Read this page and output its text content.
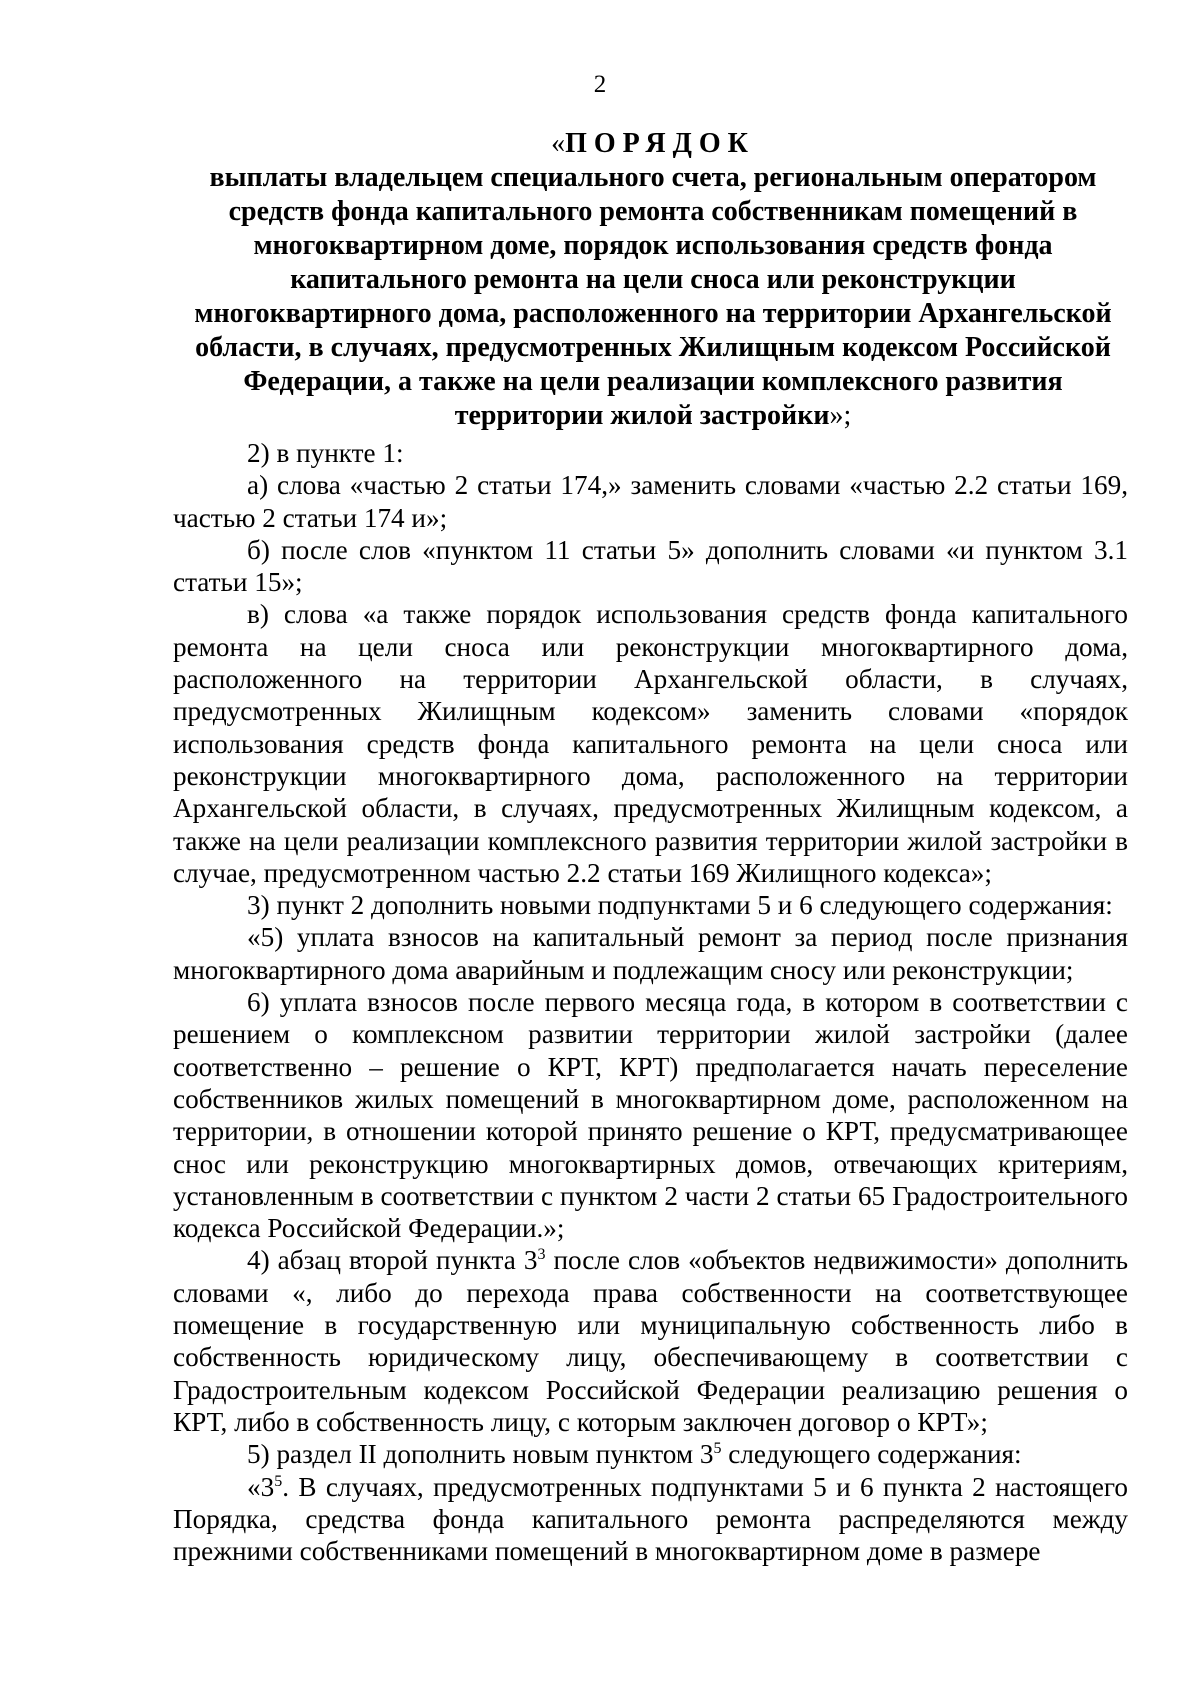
2
«ПОРЯДОК
выплаты владельцем специального счета, региональным оператором средств фонда капитального ремонта собственникам помещений в многоквартирном доме, порядок использования средств фонда капитального ремонта на цели сноса или реконструкции многоквартирного дома, расположенного на территории Архангельской области, в случаях, предусмотренных Жилищным кодексом Российской Федерации, а также на цели реализации комплексного развития территории жилой застройки»;

2) в пункте 1:

а) слова «частью 2 статьи 174,» заменить словами «частью 2.2 статьи 169, частью 2 статьи 174 и»;

б) после слов «пунктом 11 статьи 5» дополнить словами «и пунктом 3.1 статьи 15»;

в) слова «а также порядок использования средств фонда капитального ремонта на цели сноса или реконструкции многоквартирного дома, расположенного на территории Архангельской области, в случаях, предусмотренных Жилищным кодексом» заменить словами «порядок использования средств фонда капитального ремонта на цели сноса или реконструкции многоквартирного дома, расположенного на территории Архангельской области, в случаях, предусмотренных Жилищным кодексом, а также на цели реализации комплексного развития территории жилой застройки в случае, предусмотренном частью 2.2 статьи 169 Жилищного кодекса»;

3) пункт 2 дополнить новыми подпунктами 5 и 6 следующего содержания:

«5) уплата взносов на капитальный ремонт за период после признания многоквартирного дома аварийным и подлежащим сносу или реконструкции;

6) уплата взносов после первого месяца года, в котором в соответствии с решением о комплексном развитии территории жилой застройки (далее соответственно – решение о КРТ, КРТ) предполагается начать переселение собственников жилых помещений в многоквартирном доме, расположенном на территории, в отношении которой принято решение о КРТ, предусматривающее снос или реконструкцию многоквартирных домов, отвечающих критериям, установленным в соответствии с пунктом 2 части 2 статьи 65 Градостроительного кодекса Российской Федерации.»;

4) абзац второй пункта $3^3$ после слов «объектов недвижимости» дополнить словами «, либо до перехода права собственности на соответствующее помещение в государственную или муниципальную собственность либо в собственность юридическому лицу, обеспечивающему в соответствии с Градостроительным кодексом Российской Федерации реализацию решения о КРТ, либо в собственность лицу, с которым заключен договор о КРТ»;

5) раздел II дополнить новым пунктом $3^5$ следующего содержания:

«$3^5$. В случаях, предусмотренных подпунктами 5 и 6 пункта 2 настоящего Порядка, средства фонда капитального ремонта распределяются между прежними собственниками помещений в многоквартирном доме в размере
